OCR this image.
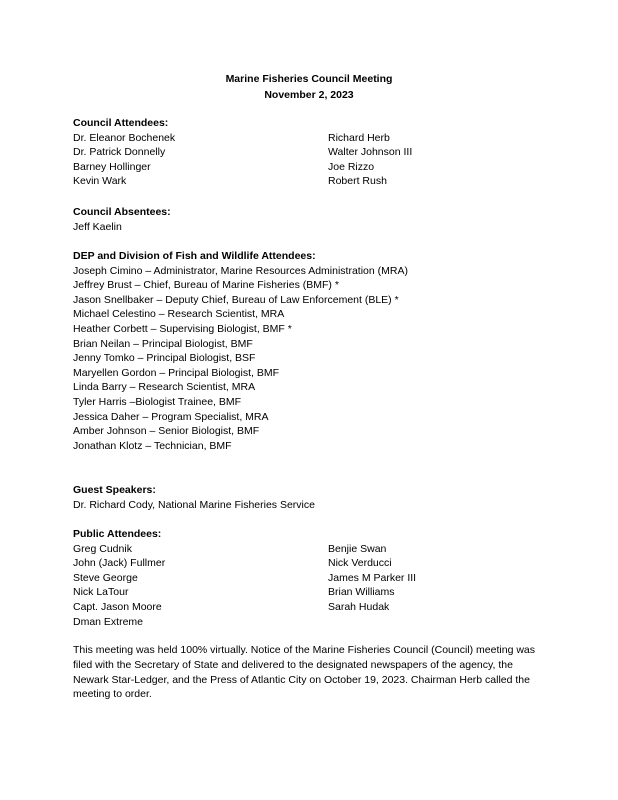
Marine Fisheries Council Meeting
November 2, 2023
Council Attendees:
Dr. Eleanor Bochenek
Dr. Patrick Donnelly
Barney Hollinger
Kevin Wark
Richard Herb
Walter Johnson III
Joe Rizzo
Robert Rush
Council Absentees:
Jeff Kaelin
DEP and Division of Fish and Wildlife Attendees:
Joseph Cimino – Administrator, Marine Resources Administration (MRA)
Jeffrey Brust – Chief, Bureau of Marine Fisheries (BMF) *
Jason Snellbaker – Deputy Chief, Bureau of Law Enforcement (BLE) *
Michael Celestino – Research Scientist, MRA
Heather Corbett – Supervising Biologist, BMF *
Brian Neilan – Principal Biologist, BMF
Jenny Tomko – Principal Biologist, BSF
Maryellen Gordon – Principal Biologist, BMF
Linda Barry – Research Scientist, MRA
Tyler Harris –Biologist Trainee, BMF
Jessica Daher – Program Specialist, MRA
Amber Johnson – Senior Biologist, BMF
Jonathan Klotz – Technician, BMF
Guest Speakers:
Dr. Richard Cody, National Marine Fisheries Service
Public Attendees:
Greg Cudnik
John (Jack) Fullmer
Steve George
Nick LaTour
Capt. Jason Moore
Dman Extreme
Benjie Swan
Nick Verducci
James M Parker III
Brian Williams
Sarah Hudak
This meeting was held 100% virtually. Notice of the Marine Fisheries Council (Council) meeting was filed with the Secretary of State and delivered to the designated newspapers of the agency, the Newark Star-Ledger, and the Press of Atlantic City on October 19, 2023. Chairman Herb called the meeting to order.
